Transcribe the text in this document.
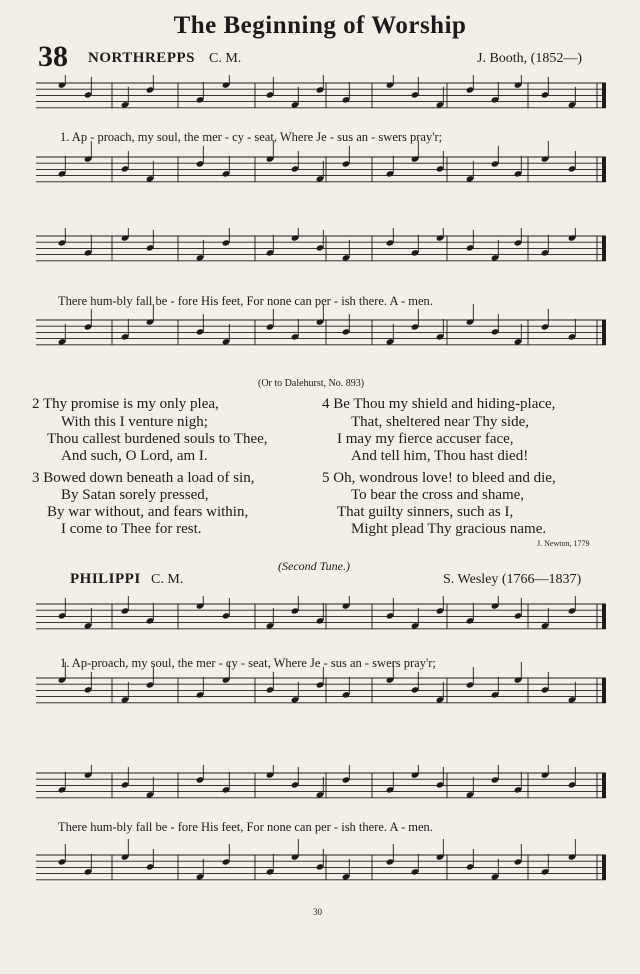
The Beginning of Worship
38 NORTHREPPS C. M.	J. Booth, (1852—)
1. Ap - proach, my soul, the mer - cy - seat, Where Je - sus an - swers pray'r;
There hum-bly fall be - fore His feet, For none can per - ish there. A - men.
(Or to Dalehurst, No. 893)
2 Thy promise is my only plea,
With this I venture nigh;
Thou callest burdened souls to Thee,
And such, O Lord, am I.
3 Bowed down beneath a load of sin,
By Satan sorely pressed,
By war without, and fears within,
I come to Thee for rest.
4 Be Thou my shield and hiding-place,
That, sheltered near Thy side,
I may my fierce accuser face,
And tell him, Thou hast died!
5 Oh, wondrous love! to bleed and die,
To bear the cross and shame,
That guilty sinners, such as I,
Might plead Thy gracious name.
J. Newton, 1779
(Second Tune.)
PHILIPPI C. M.	S. Wesley (1766—1837)
1. Ap-proach, my soul, the mer - cy - seat, Where Je - sus an - swers pray'r;
There hum-bly fall be - fore His feet, For none can per - ish there. A - men.
30
